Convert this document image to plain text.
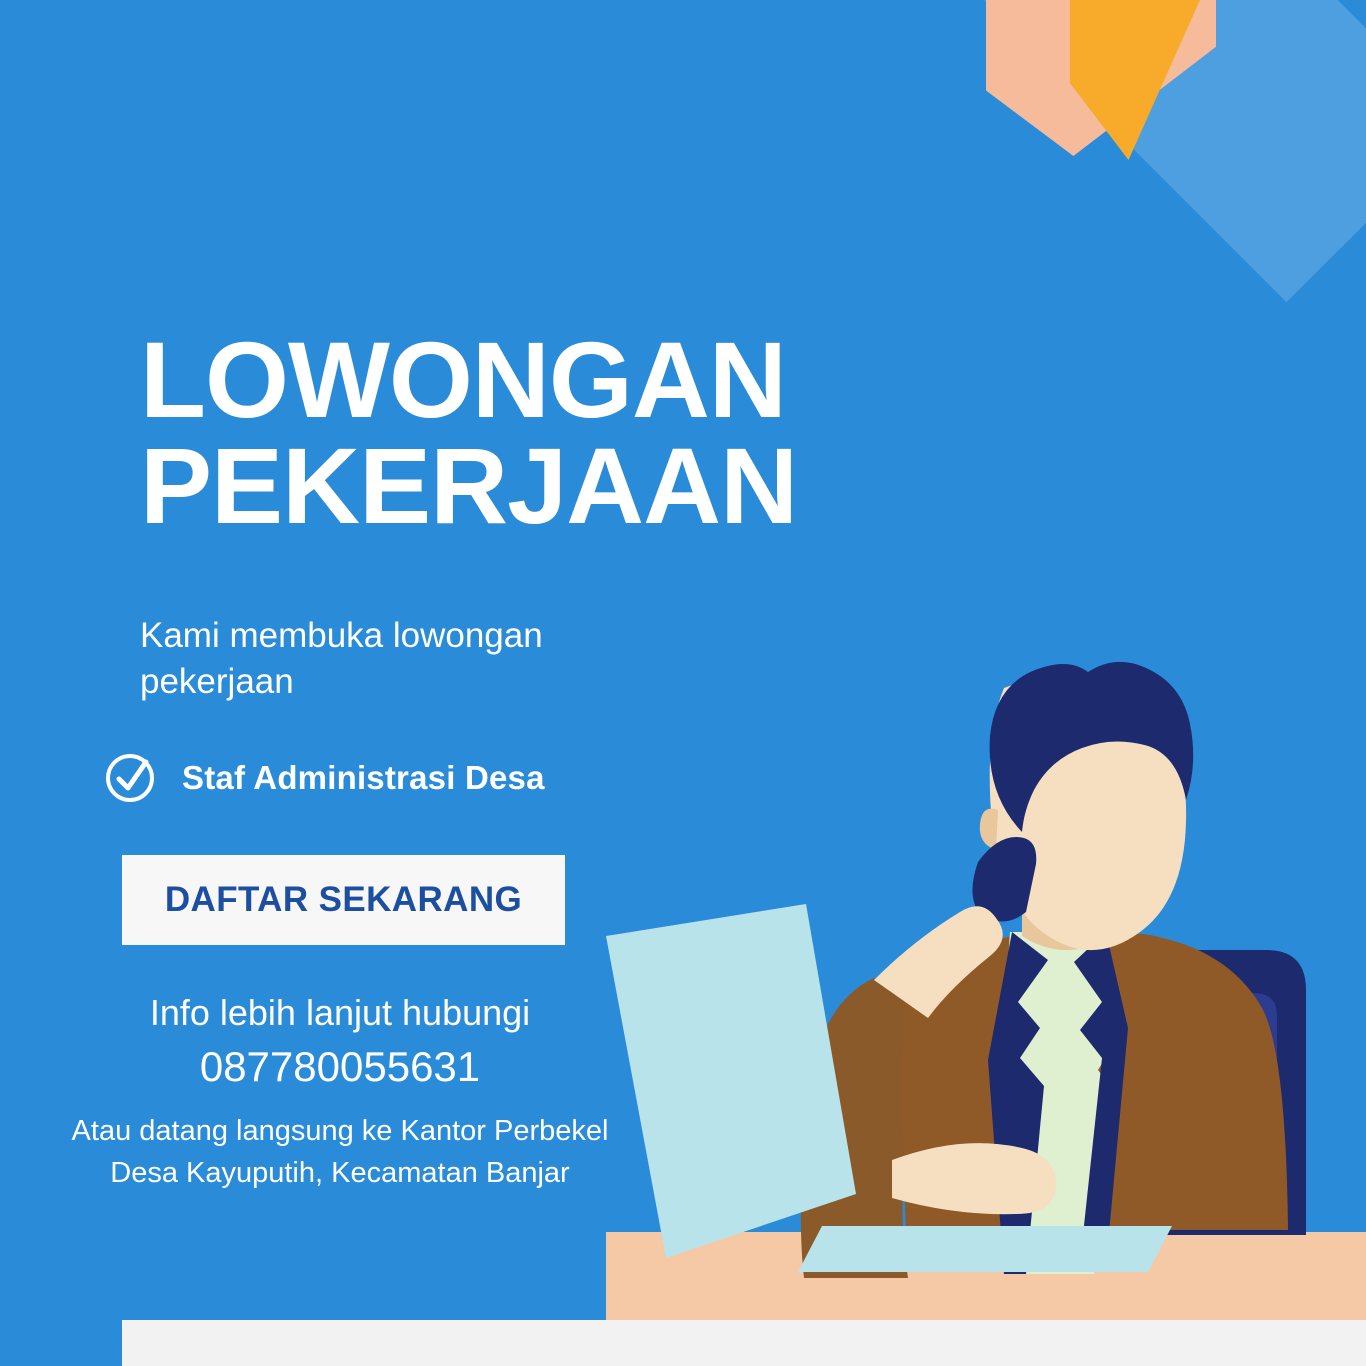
LOWONGAN
PEKERJAAN

Kami membuka lowongan pekerjaan

Staf Administrasi Desa
DAFTAR SEKARANG
Info lebih lanjut hubungi
087780055631
Atau datang langsung ke Kantor Perbekel Desa Kayuputih, Kecamatan Banjar
